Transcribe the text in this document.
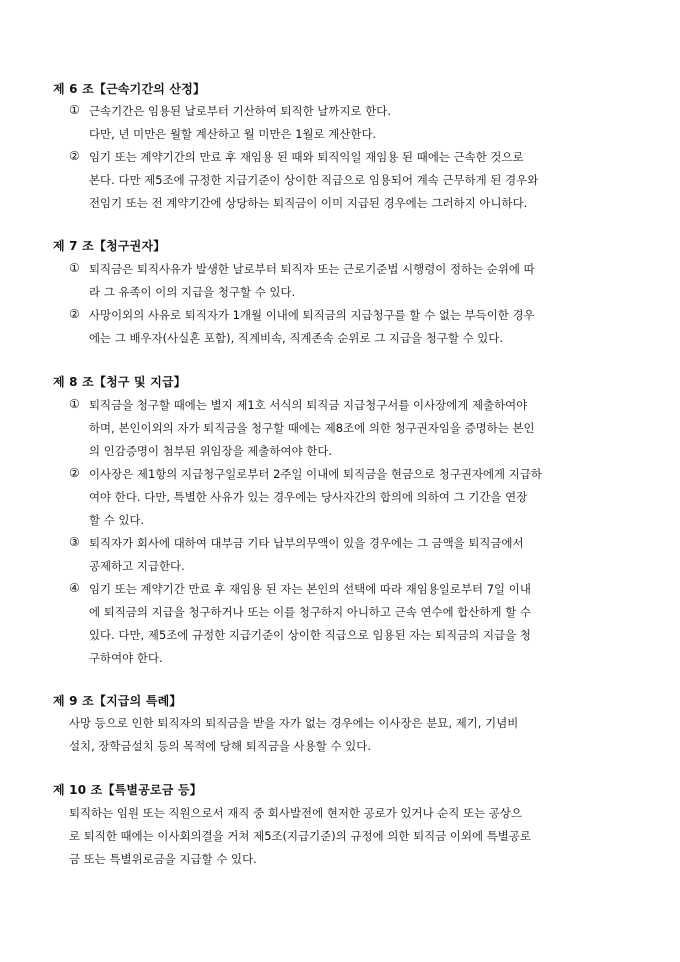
제 6 조【근속기간의 산정】
① 근속기간은 임용된 날로부터 기산하여 퇴직한 날까지로 한다.
다만, 년 미만은 월할 계산하고 월 미만은 1월로 계산한다.
② 임기 또는 계약기간의 만료 후 재임용 된 때와 퇴직익일 재임용 된 때에는 근속한 것으로
본다. 다만 제5조에 규정한 지급기준이 상이한 직급으로 임용되어 계속 근무하게 된 경우와
전임기 또는 전 계약기간에 상당하는 퇴직금이 이미 지급된 경우에는 그러하지 아니하다.
제 7 조【청구권자】
① 퇴직금은 퇴직사유가 발생한 날로부터 퇴직자 또는 근로기준법 시행령이 정하는 순위에 따
라 그 유족이 이의 지급을 청구할 수 있다.
② 사망이외의 사유로 퇴직자가 1개월 이내에 퇴직금의 지급청구를 할 수 없는 부득이한 경우
에는 그 배우자(사실혼 포함), 직계비속, 직계존속 순위로 그 지급을 청구할 수 있다.
제 8 조【청구 및 지급】
① 퇴직금을 청구할 때에는 별지 제1호 서식의 퇴직금 지급청구서를 이사장에게 제출하여야
하며, 본인이외의 자가 퇴직금을 청구할 때에는 제8조에 의한 청구권자임을 증명하는 본인
의 인감증명이 첨부된 위임장을 제출하여야 한다.
② 이사장은 제1항의 지급청구일로부터 2주일 이내에 퇴직금을 현금으로 청구권자에게 지급하
여야 한다. 다만, 특별한 사유가 있는 경우에는 당사자간의 합의에 의하여 그 기간을 연장
할 수 있다.
③ 퇴직자가 회사에 대하여 대부금 기타 납부의무액이 있을 경우에는 그 금액을 퇴직금에서
공제하고 지급한다.
④ 임기 또는 계약기간 만료 후 재임용 된 자는 본인의 선택에 따라 재임용일로부터 7일 이내
에 퇴직금의 지급을 청구하거나 또는 이를 청구하지 아니하고 근속 연수에 합산하게 할 수
있다. 다만, 제5조에 규정한 지급기준이 상이한 직급으로 임용된 자는 퇴직금의 지급을 청
구하여야 한다.
제 9 조【지급의 특례】
사망 등으로 인한 퇴직자의 퇴직금을 받을 자가 없는 경우에는 이사장은 분묘, 제기, 기념비
설치, 장학금설치 등의 목적에 당해 퇴직금을 사용할 수 있다.
제 10 조【특별공로금 등】
퇴직하는 임원 또는 직원으로서 재직 중 회사발전에 현저한 공로가 있거나 순직 또는 공상으
로 퇴직한 때에는 이사회의결을 거쳐 제5조(지급기준)의 규정에 의한 퇴직금 이외에 특별공로
금 또는 특별위로금을 지급할 수 있다.
